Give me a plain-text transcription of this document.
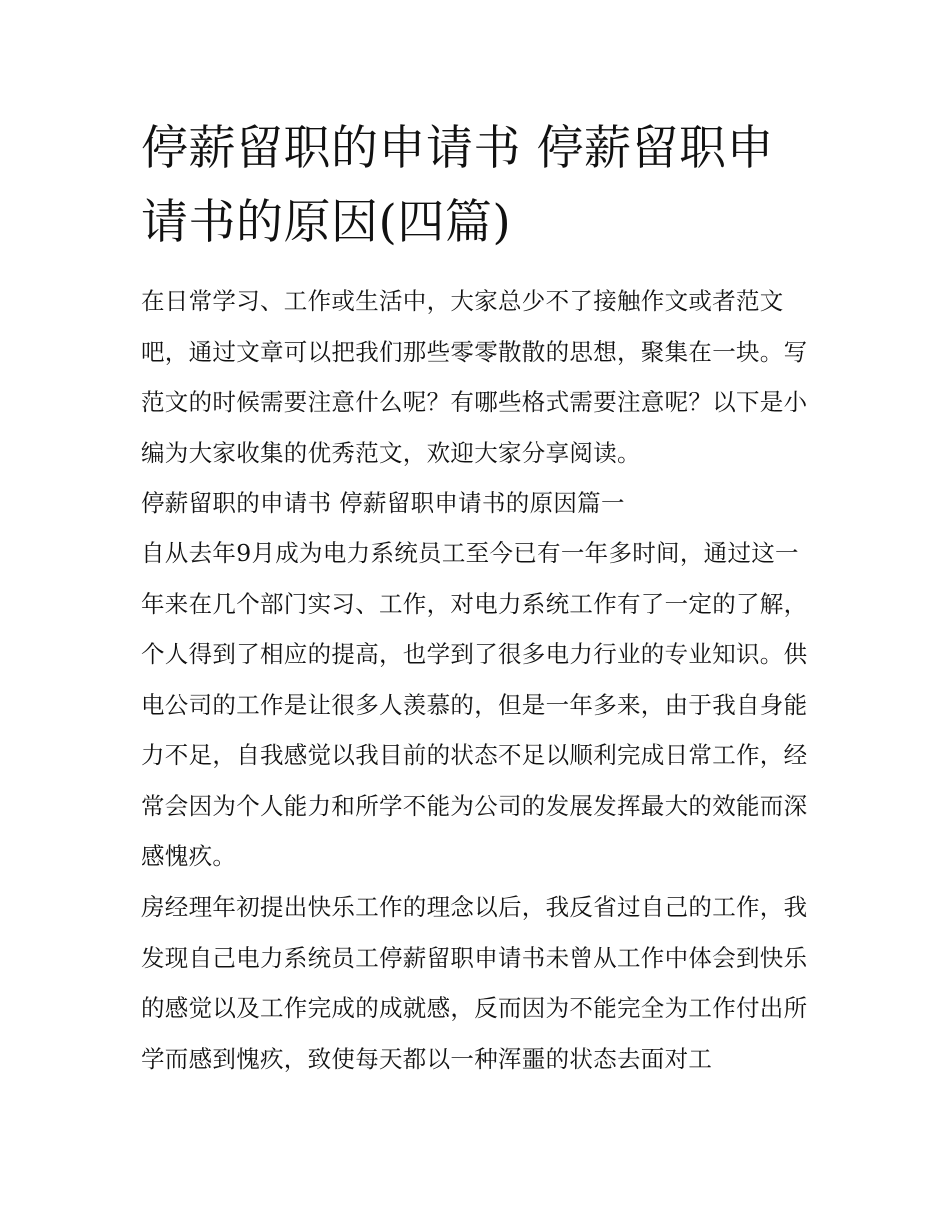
停薪留职的申请书 停薪留职申请书的原因(四篇)

在日常学习、工作或生活中，大家总少不了接触作文或者范文吧，通过文章可以把我们那些零零散散的思想，聚集在一块。写范文的时候需要注意什么呢？有哪些格式需要注意呢？以下是小编为大家收集的优秀范文，欢迎大家分享阅读。

停薪留职的申请书 停薪留职申请书的原因篇一

自从去年9月成为电力系统员工至今已有一年多时间，通过这一年来在几个部门实习、工作，对电力系统工作有了一定的了解，个人得到了相应的提高，也学到了很多电力行业的专业知识。供电公司的工作是让很多人羡慕的，但是一年多来，由于我自身能力不足，自我感觉以我目前的状态不足以顺利完成日常工作，经常会因为个人能力和所学不能为公司的发展发挥最大的效能而深感愧疚。

房经理年初提出快乐工作的理念以后，我反省过自己的工作，我发现自己电力系统员工停薪留职申请书未曾从工作中体会到快乐的感觉以及工作完成的成就感，反而因为不能完全为工作付出所学而感到愧疚，致使每天都以一种浑噩的状态去面对工
